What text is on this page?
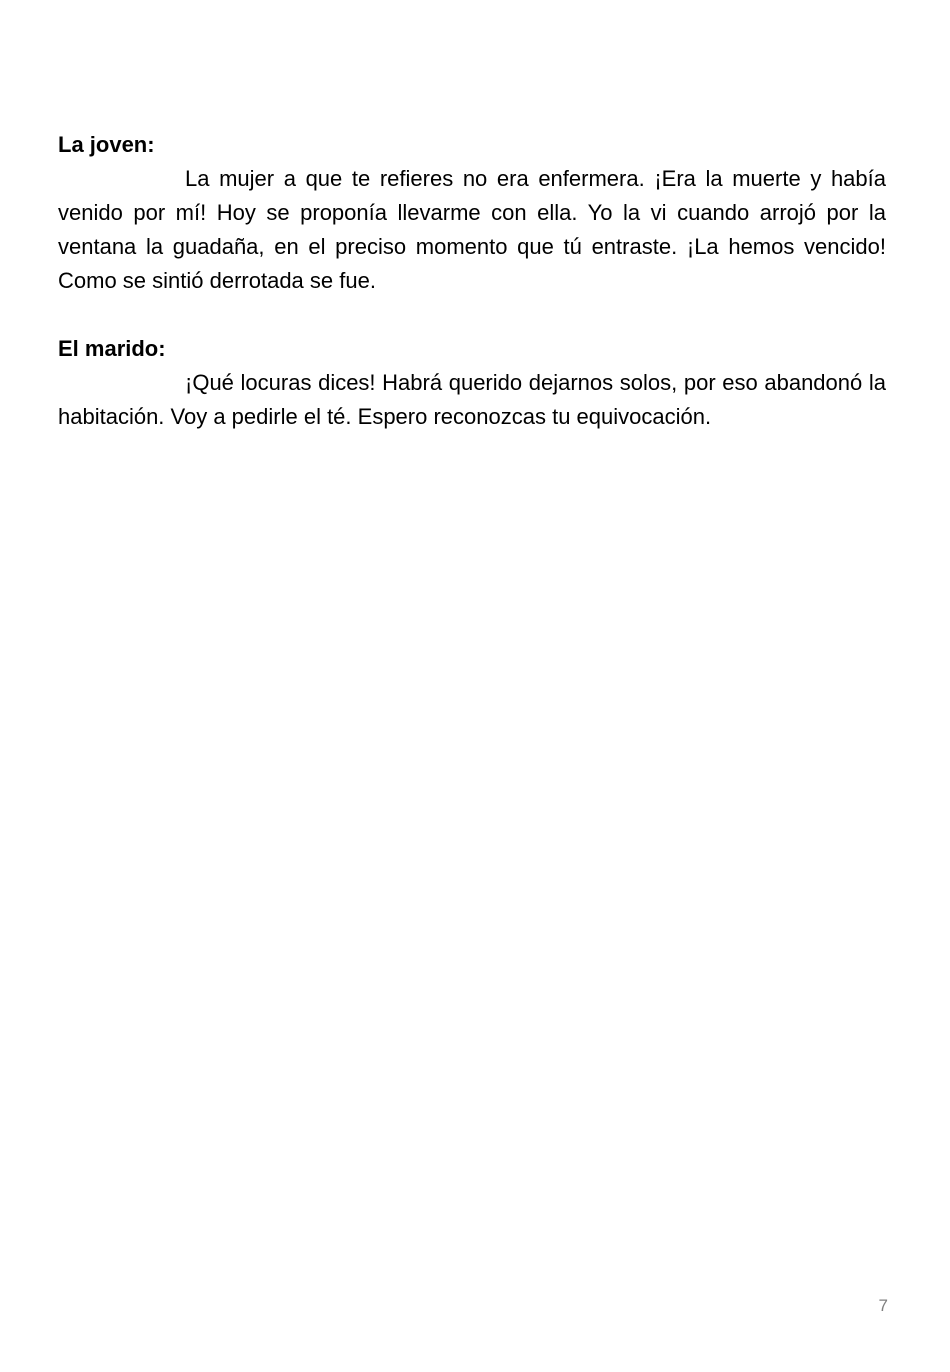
La joven:

La mujer a que te refieres no era enfermera. ¡Era la muerte y había venido por mí! Hoy se proponía llevarme con ella. Yo la vi cuando arrojó por la ventana la guadaña, en el preciso momento que tú entraste. ¡La hemos vencido! Como se sintió derrotada se fue.

El marido:

¡Qué locuras dices! Habrá querido dejarnos solos, por eso abandonó la habitación. Voy a pedirle el té. Espero reconozcas tu equivocación.

7
